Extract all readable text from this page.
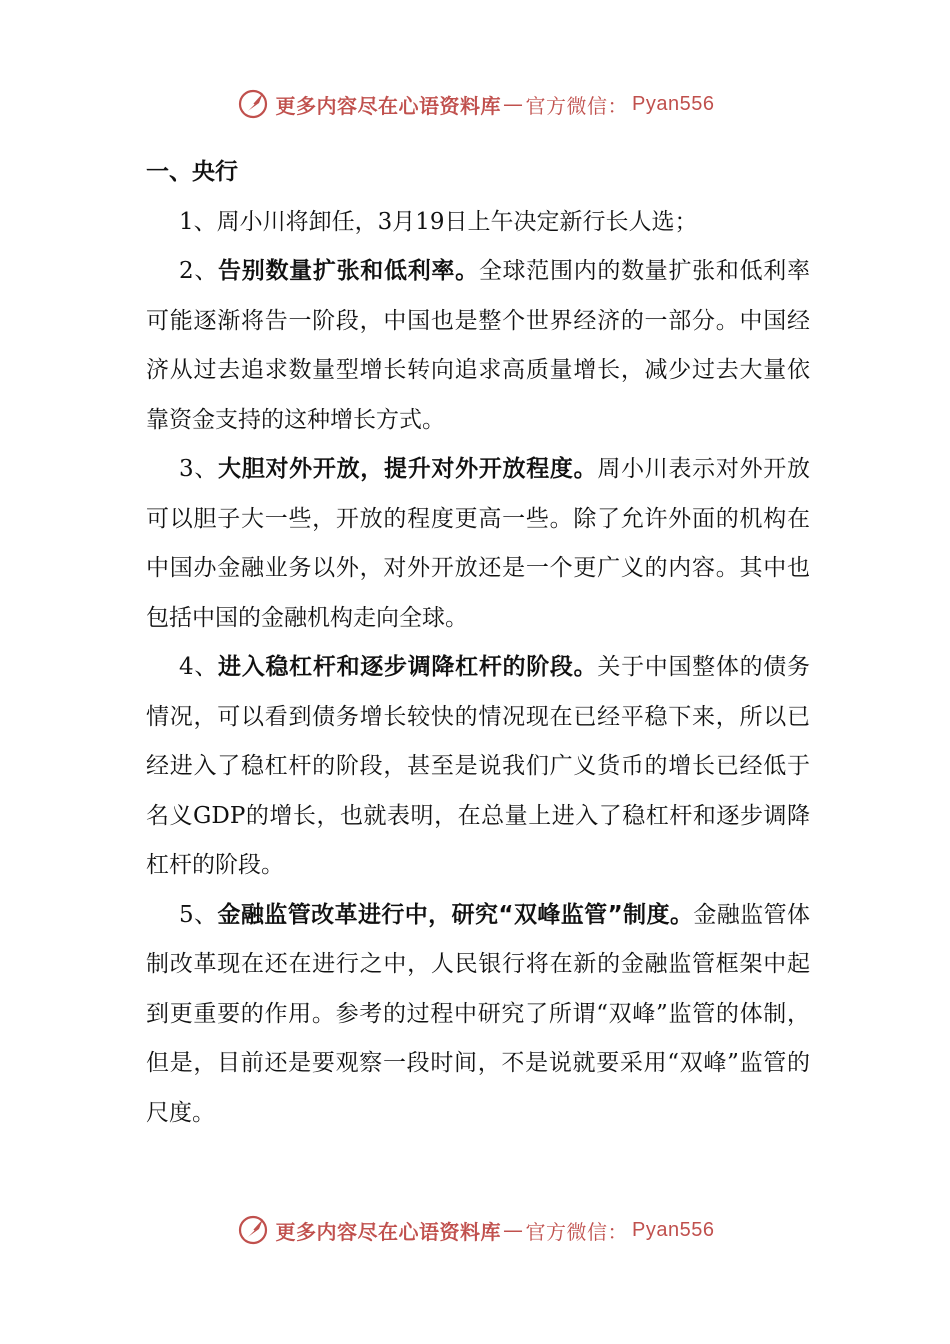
更多内容尽在心语资料库 — 官方微信： Pyan556

一、央行

1、周小川将卸任，3月19日上午决定新行长人选；

2、告别数量扩张和低利率。全球范围内的数量扩张和低利率可能逐渐将告一阶段，中国也是整个世界经济的一部分。中国经济从过去追求数量型增长转向追求高质量增长，减少过去大量依靠资金支持的这种增长方式。

3、大胆对外开放，提升对外开放程度。周小川表示对外开放可以胆子大一些，开放的程度更高一些。除了允许外面的机构在中国办金融业务以外，对外开放还是一个更广义的内容。其中也包括中国的金融机构走向全球。

4、进入稳杠杆和逐步调降杠杆的阶段。关于中国整体的债务情况，可以看到债务增长较快的情况现在已经平稳下来，所以已经进入了稳杠杆的阶段，甚至是说我们广义货币的增长已经低于名义GDP的增长，也就表明，在总量上进入了稳杠杆和逐步调降杠杆的阶段。

5、金融监管改革进行中，研究“双峰监管”制度。金融监管体制改革现在还在进行之中，人民银行将在新的金融监管框架中起到更重要的作用。参考的过程中研究了所谓“双峰”监管的体制，但是，目前还是要观察一段时间，不是说就要采用“双峰”监管的尺度。

更多内容尽在心语资料库 — 官方微信： Pyan556
